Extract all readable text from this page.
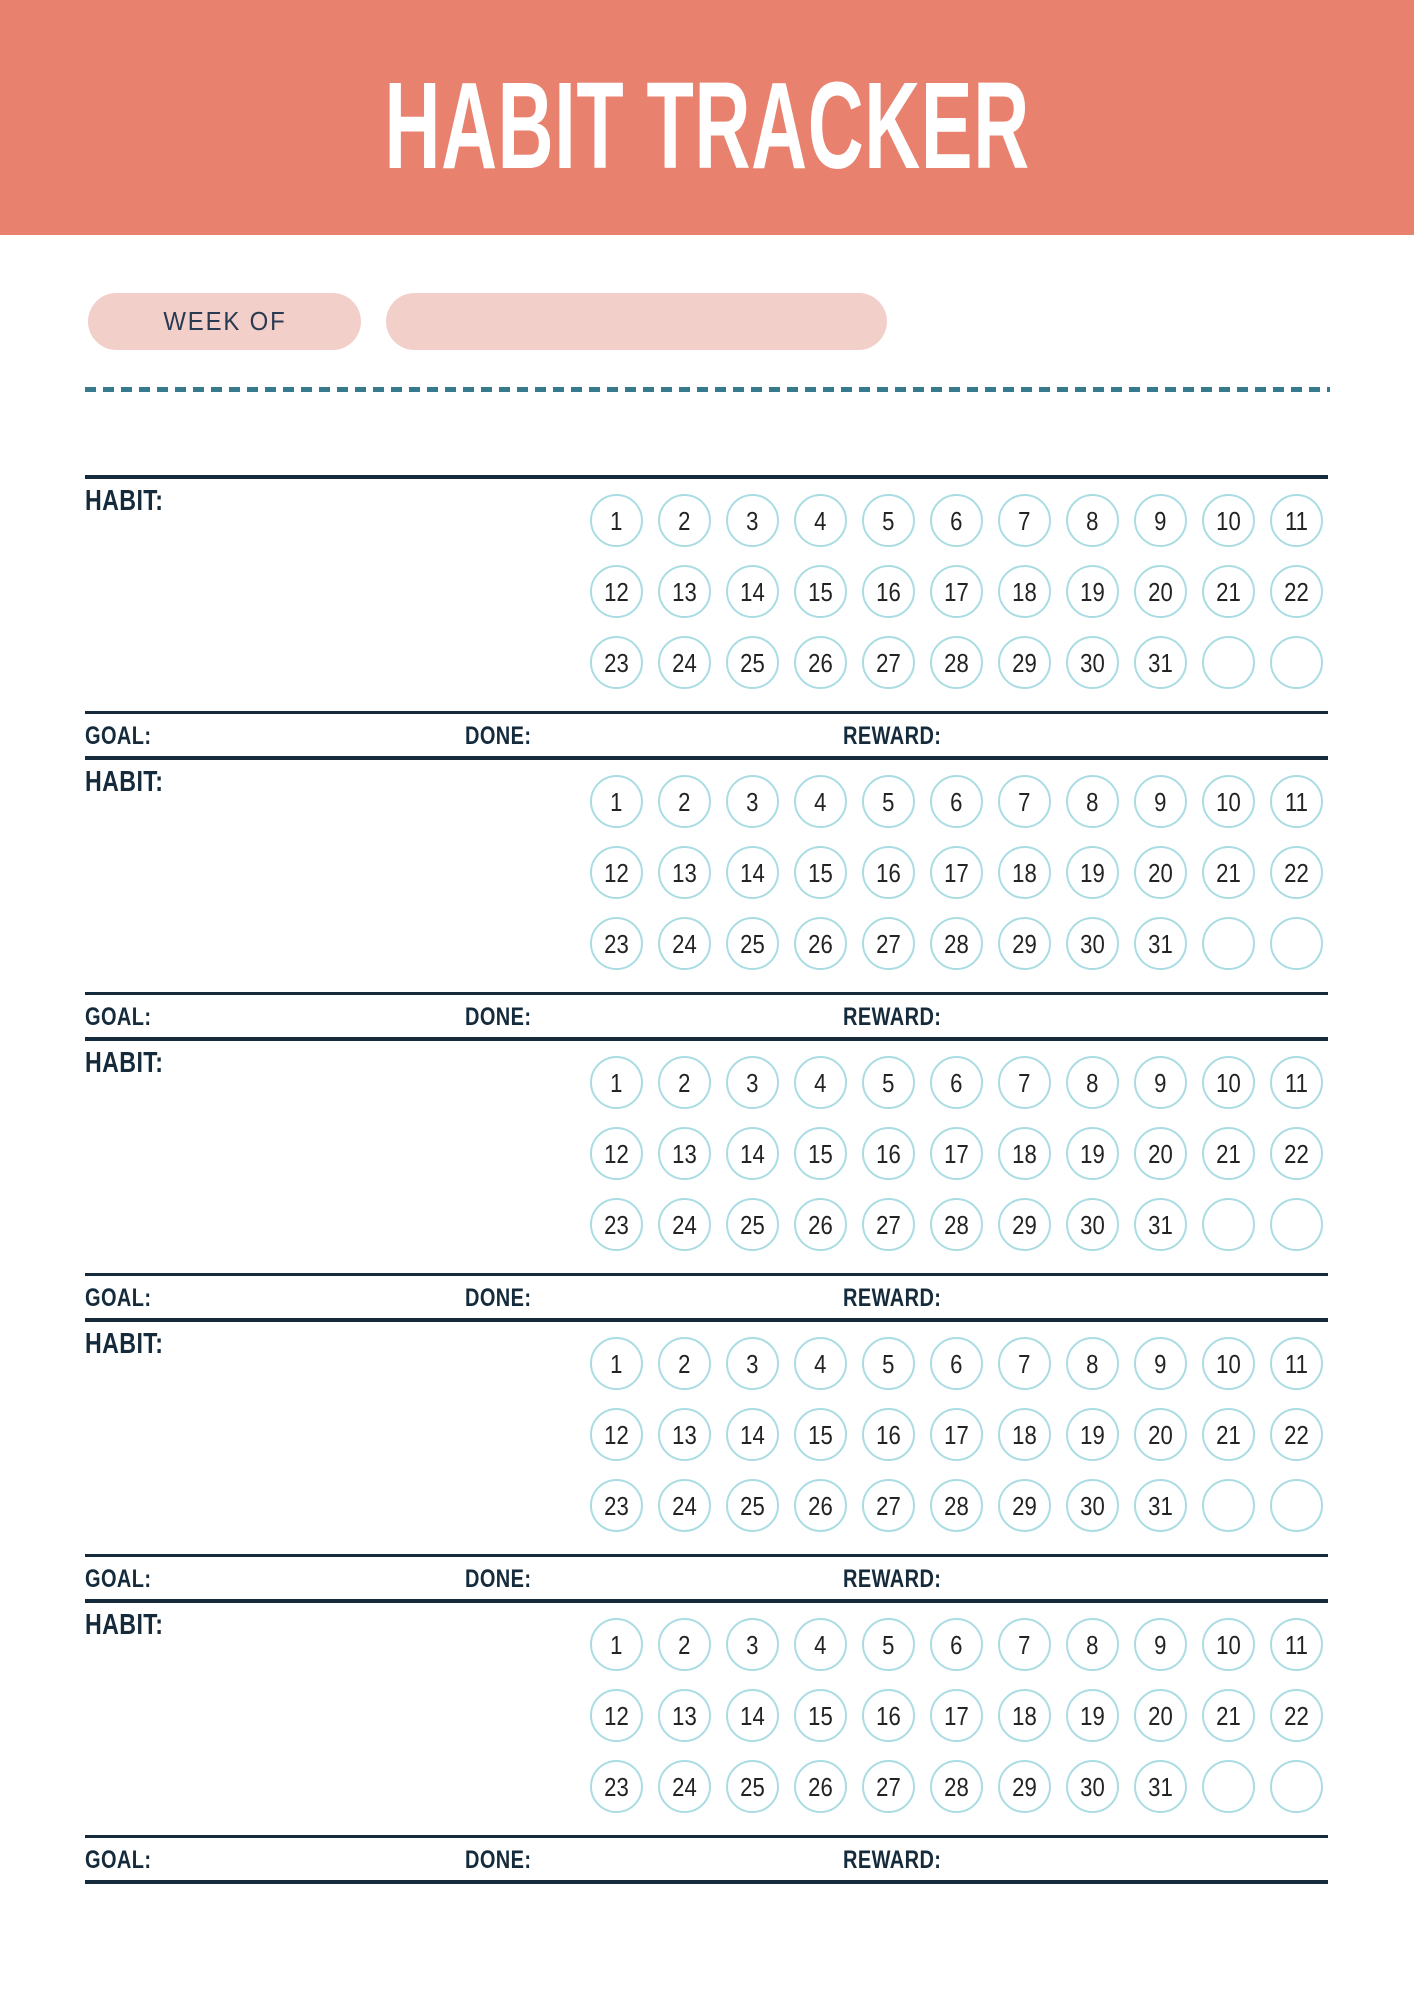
HABIT TRACKER
WEEK OF
HABIT:
1 2 3 4 5 6 7 8 9 10 11
12 13 14 15 16 17 18 19 20 21 22
23 24 25 26 27 28 29 30 31
GOAL:	DONE:	REWARD:
HABIT:
1 2 3 4 5 6 7 8 9 10 11
12 13 14 15 16 17 18 19 20 21 22
23 24 25 26 27 28 29 30 31
GOAL:	DONE:	REWARD:
HABIT:
1 2 3 4 5 6 7 8 9 10 11
12 13 14 15 16 17 18 19 20 21 22
23 24 25 26 27 28 29 30 31
GOAL:	DONE:	REWARD:
HABIT:
1 2 3 4 5 6 7 8 9 10 11
12 13 14 15 16 17 18 19 20 21 22
23 24 25 26 27 28 29 30 31
GOAL:	DONE:	REWARD:
HABIT:
1 2 3 4 5 6 7 8 9 10 11
12 13 14 15 16 17 18 19 20 21 22
23 24 25 26 27 28 29 30 31
GOAL:	DONE:	REWARD:
